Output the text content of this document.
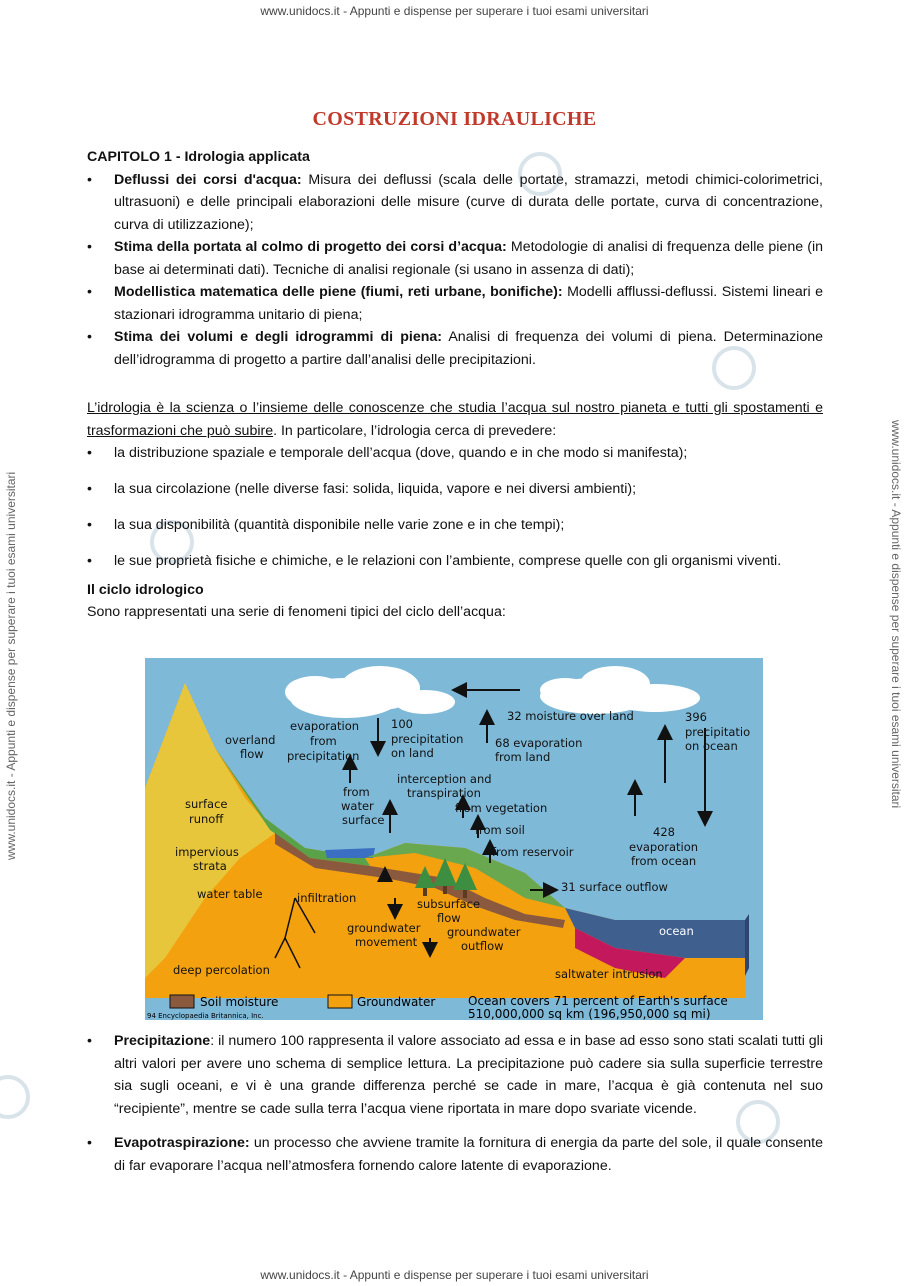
www.unidocs.it - Appunti e dispense per superare i tuoi esami universitari
www.unidocs.it - Appunti e dispense per superare i tuoi esami universitari
www.unidocs.it - Appunti e dispense per superare i tuoi esami universitari	www.unidocs.it - Appunti e dispense per superare i tuoi esami universitari
COSTRUZIONI IDRAULICHE

CAPITOLO 1 - Idrologia applicata

• Deflussi dei corsi d'acqua: Misura dei deflussi (scala delle portate, stramazzi, metodi chimici-colorimetrici, ultrasuoni) e delle principali elaborazioni delle misure (curve di durata delle portate, curva di concentrazione, curva di utilizzazione);
• Stima della portata al colmo di progetto dei corsi d’acqua: Metodologie di analisi di frequenza delle piene (in base ai determinati dati). Tecniche di analisi regionale (si usano in assenza di dati);
• Modellistica matematica delle piene (fiumi, reti urbane, bonifiche): Modelli afflussi-deflussi. Sistemi lineari e stazionari idrogramma unitario di piena;
• Stima dei volumi e degli idrogrammi di piena: Analisi di frequenza dei volumi di piena. Determinazione dell’idrogramma di progetto a partire dall’analisi delle precipitazioni.

L’idrologia è la scienza o l’insieme delle conoscenze che studia l’acqua sul nostro pianeta e tutti gli spostamenti e trasformazioni che può subire. In particolare, l’idrologia cerca di prevedere:

• la distribuzione spaziale e temporale dell’acqua (dove, quando e in che modo si manifesta);
• la sua circolazione (nelle diverse fasi: solida, liquida, vapore e nei diversi ambienti);
• la sua disponibilità (quantità disponibile nelle varie zone e in che tempi);
• le sue proprietà fisiche e chimiche, e le relazioni con l’ambiente, comprese quelle con gli organismi viventi.

Il ciclo idrologico

Sono rappresentati una serie di fenomeni tipici del ciclo dell’acqua:

overland
flow
evaporation
from
precipitation
100
precipitation
on land
32 moisture over land
68 evaporation
from land
396
precipitatio
on ocean
surface
runoff
impervious
strata
from
water
surface
interception and
transpiration
from vegetation
from soil
from reservoir
428
evaporation
from ocean
water table	infiltration	subsurface
flow
groundwater
movement
groundwater
outflow
31 surface outflow
ocean
saltwater intrusion
deep percolation
Soil moisture	Groundwater	Ocean covers 71 percent of Earth's surface
510,000,000 sq km (196,950,000 sq mi)
94 Encyclopaedia Britannica, Inc.
• Precipitazione: il numero 100 rappresenta il valore associato ad essa e in base ad esso sono stati scalati tutti gli altri valori per avere uno schema di semplice lettura. La precipitazione può cadere sia sulla superficie terrestre sia sugli oceani, e vi è una grande differenza perché se cade in mare, l’acqua è già contenuta nel suo “recipiente”, mentre se cade sulla terra l’acqua viene riportata in mare dopo svariate vicende.
• Evapotraspirazione: un processo che avviene tramite la fornitura di energia da parte del sole, il quale consente di far evaporare l’acqua nell’atmosfera fornendo calore latente di evaporazione.
